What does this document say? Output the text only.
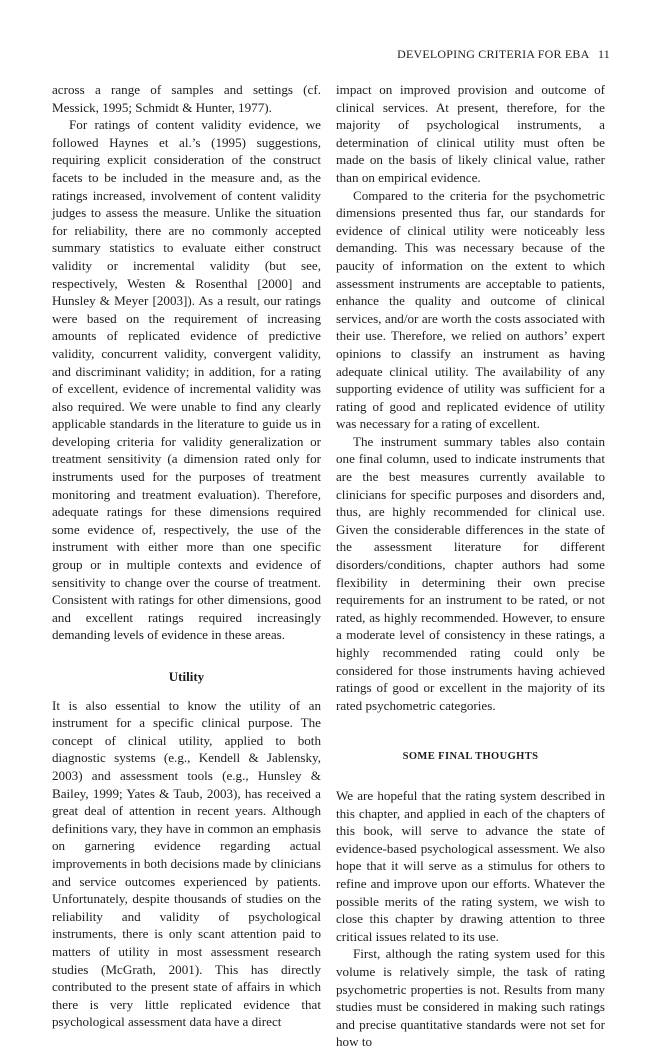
DEVELOPING CRITERIA FOR EBA 11

across a range of samples and settings (cf. Messick, 1995; Schmidt & Hunter, 1977).

For ratings of content validity evidence, we followed Haynes et al.’s (1995) suggestions, requiring explicit consideration of the construct facets to be included in the measure and, as the ratings increased, involvement of content validity judges to assess the measure. Unlike the situation for reliability, there are no commonly accepted summary statistics to evaluate either construct validity or incremental validity (but see, respectively, Westen & Rosenthal [2000] and Hunsley & Meyer [2003]). As a result, our ratings were based on the requirement of increasing amounts of replicated evidence of predictive validity, concurrent validity, convergent validity, and discriminant validity; in addition, for a rating of excellent, evidence of incremental validity was also required. We were unable to find any clearly applicable standards in the literature to guide us in developing criteria for validity generalization or treatment sensitivity (a dimension rated only for instruments used for the purposes of treatment monitoring and treatment evaluation). Therefore, adequate ratings for these dimensions required some evidence of, respectively, the use of the instrument with either more than one specific group or in multiple contexts and evidence of sensitivity to change over the course of treatment. Consistent with ratings for other dimensions, good and excellent ratings required increasingly demanding levels of evidence in these areas.

Utility

It is also essential to know the utility of an instrument for a specific clinical purpose. The concept of clinical utility, applied to both diagnostic systems (e.g., Kendell & Jablensky, 2003) and assessment tools (e.g., Hunsley & Bailey, 1999; Yates & Taub, 2003), has received a great deal of attention in recent years. Although definitions vary, they have in common an emphasis on garnering evidence regarding actual improvements in both decisions made by clinicians and service outcomes experienced by patients. Unfortunately, despite thousands of studies on the reliability and validity of psychological instruments, there is only scant attention paid to matters of utility in most assessment research studies (McGrath, 2001). This has directly contributed to the present state of affairs in which there is very little replicated evidence that psychological assessment data have a direct

impact on improved provision and outcome of clinical services. At present, therefore, for the majority of psychological instruments, a determination of clinical utility must often be made on the basis of likely clinical value, rather than on empirical evidence.

Compared to the criteria for the psychometric dimensions presented thus far, our standards for evidence of clinical utility were noticeably less demanding. This was necessary because of the paucity of information on the extent to which assessment instruments are acceptable to patients, enhance the quality and outcome of clinical services, and/or are worth the costs associated with their use. Therefore, we relied on authors’ expert opinions to classify an instrument as having adequate clinical utility. The availability of any supporting evidence of utility was sufficient for a rating of good and replicated evidence of utility was necessary for a rating of excellent.

The instrument summary tables also contain one final column, used to indicate instruments that are the best measures currently available to clinicians for specific purposes and disorders and, thus, are highly recommended for clinical use. Given the considerable differences in the state of the assessment literature for different disorders/conditions, chapter authors had some flexibility in determining their own precise requirements for an instrument to be rated, or not rated, as highly recommended. However, to ensure a moderate level of consistency in these ratings, a highly recommended rating could only be considered for those instruments having achieved ratings of good or excellent in the majority of its rated psychometric categories.

SOME FINAL THOUGHTS

We are hopeful that the rating system described in this chapter, and applied in each of the chapters of this book, will serve to advance the state of evidence-based psychological assessment. We also hope that it will serve as a stimulus for others to refine and improve upon our efforts. Whatever the possible merits of the rating system, we wish to close this chapter by drawing attention to three critical issues related to its use.

First, although the rating system used for this volume is relatively simple, the task of rating psychometric properties is not. Results from many studies must be considered in making such ratings and precise quantitative standards were not set for how to
